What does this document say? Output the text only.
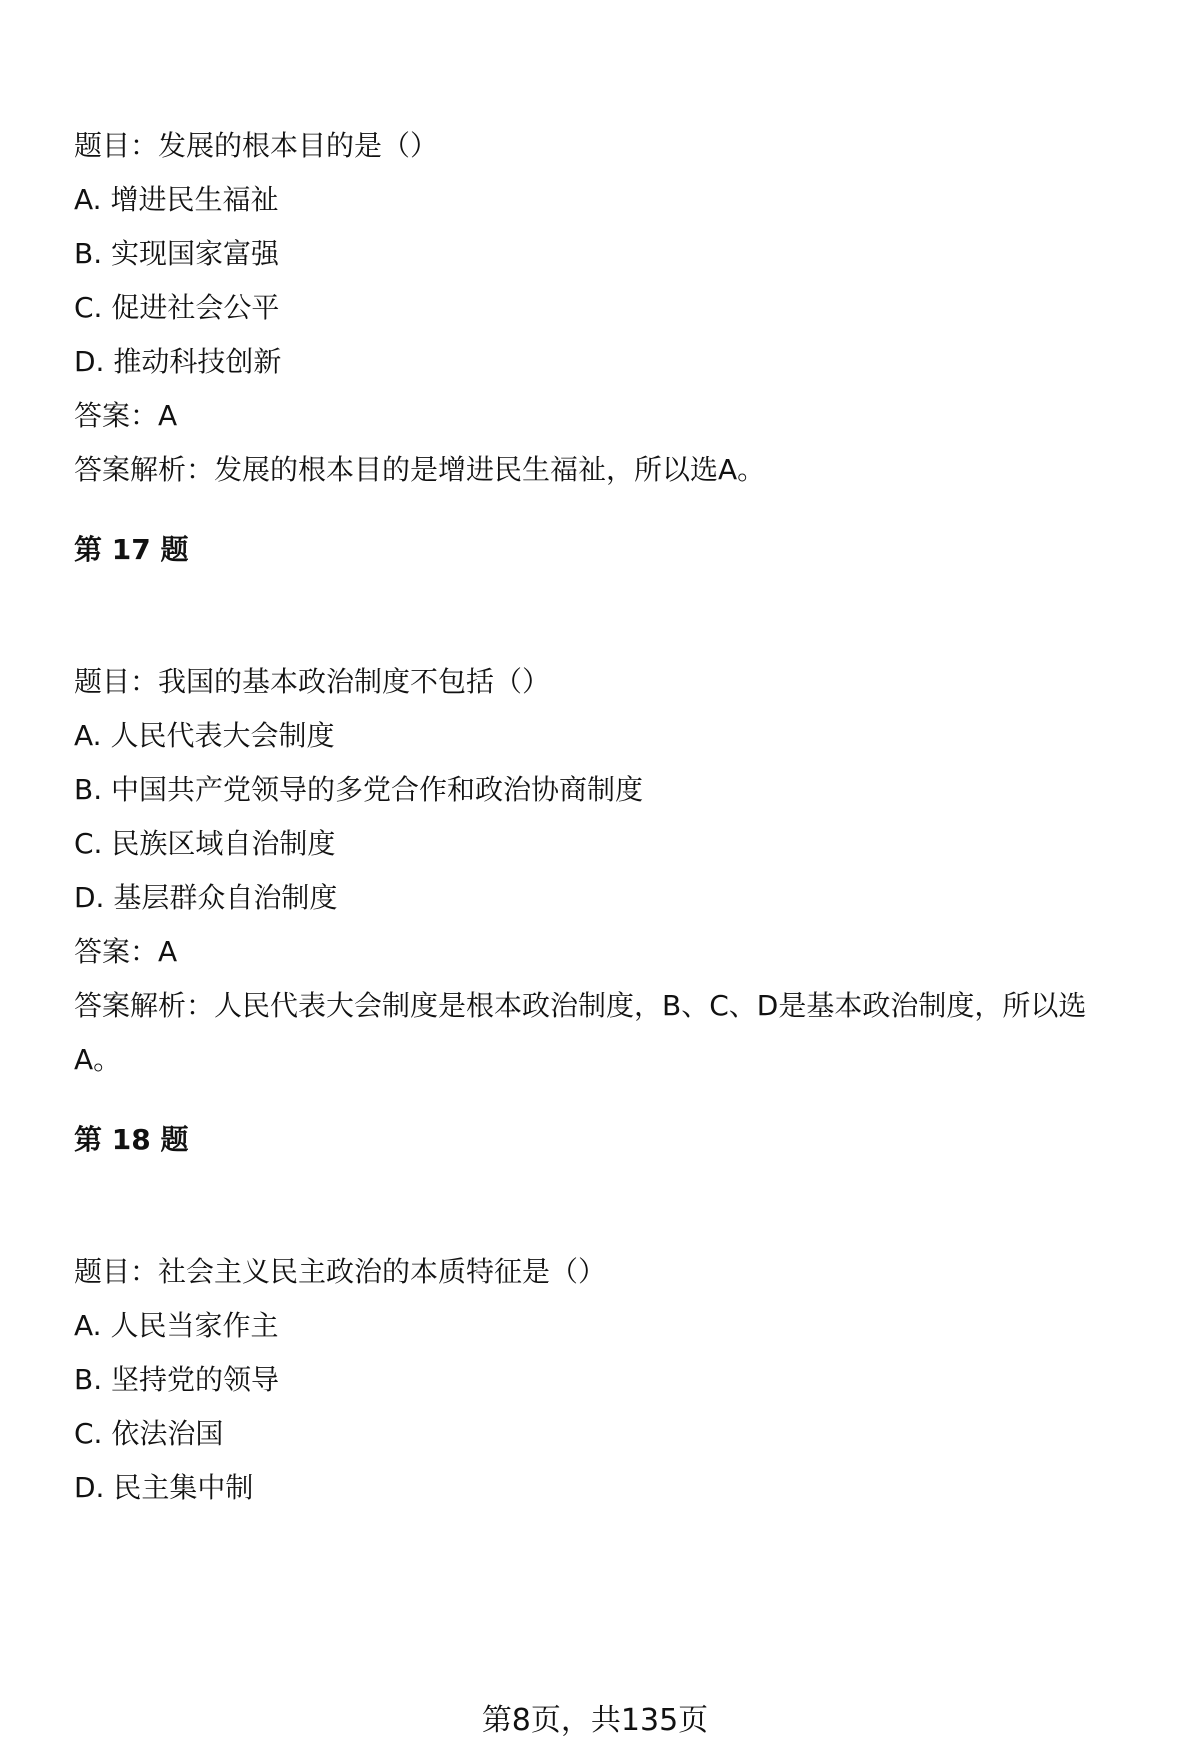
题目：发展的根本目的是（）
A. 增进民生福祉
B. 实现国家富强
C. 促进社会公平
D. 推动科技创新
答案：A
答案解析：发展的根本目的是增进民生福祉，所以选A。
第 17 题
题目：我国的基本政治制度不包括（）
A. 人民代表大会制度
B. 中国共产党领导的多党合作和政治协商制度
C. 民族区域自治制度
D. 基层群众自治制度
答案：A
答案解析：人民代表大会制度是根本政治制度，B、C、D是基本政治制度，所以选
A。
第 18 题
题目：社会主义民主政治的本质特征是（）
A. 人民当家作主
B. 坚持党的领导
C. 依法治国
D. 民主集中制
第8页，共135页
